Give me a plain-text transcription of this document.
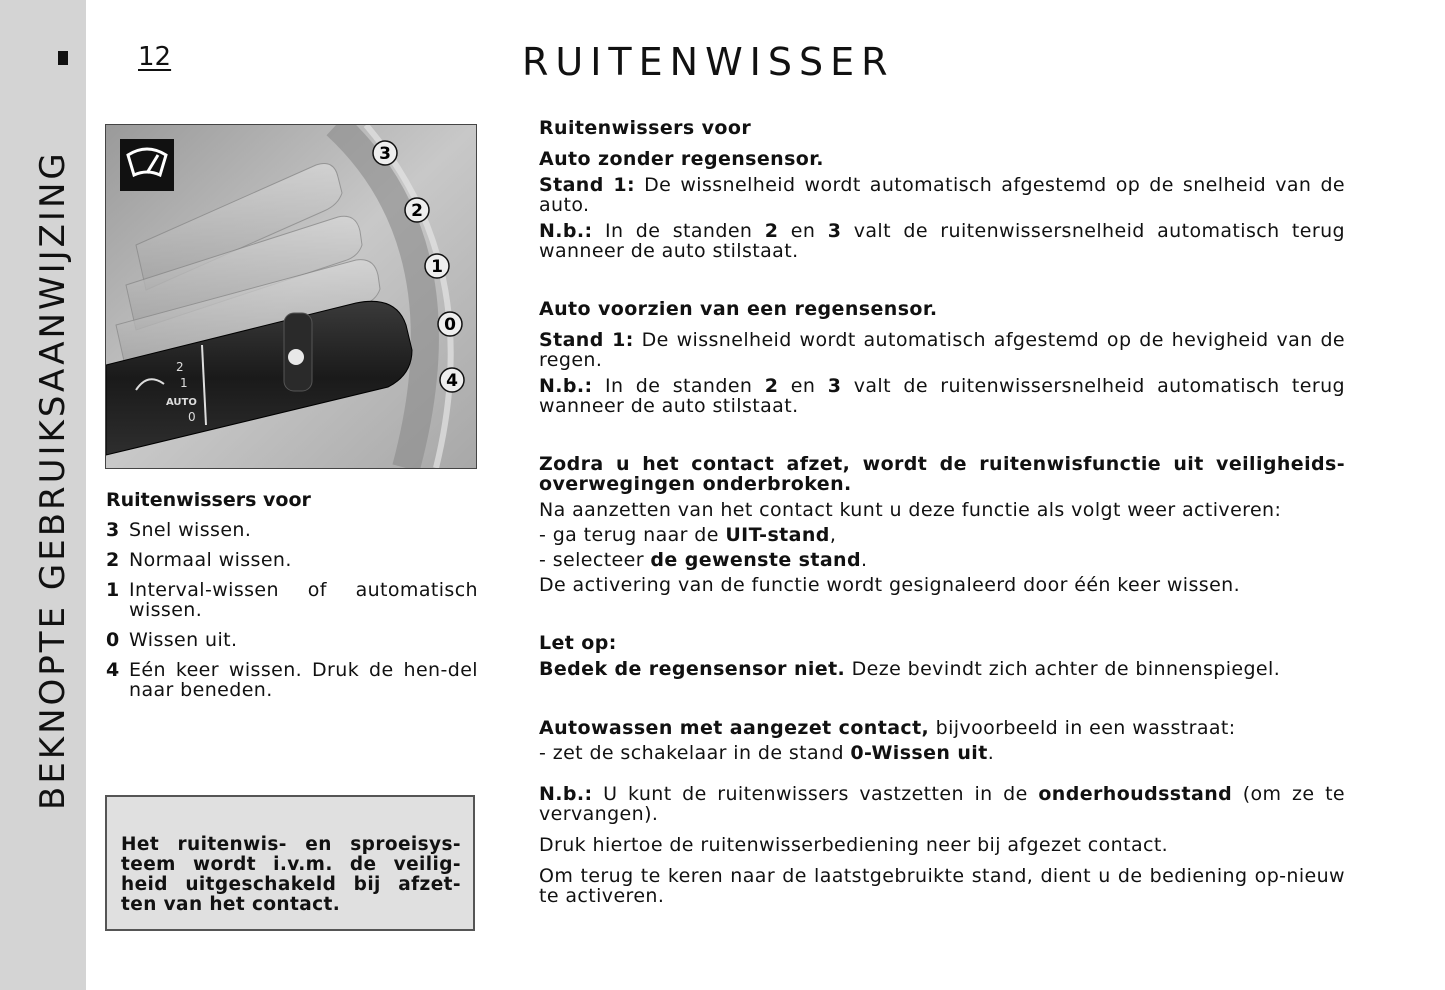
BEKNOPTE GEBRUIKSAANWIJZING
12	RUITENWISSER
AUTO
2
1
0
3
2
1
0
4
Ruitenwissers voor
3 Snel wissen.
2 Normaal wissen.
1 Interval-wissen of automatisch wissen.
0 Wissen uit.
4 Eén keer wissen. Druk de hen-del naar beneden.
Het ruitenwis- en sproeisys-teem wordt i.v.m. de veilig-heid uitgeschakeld bij afzet-ten van het contact.

Ruitenwissers voor

Auto zonder regensensor.

Stand 1: De wissnelheid wordt automatisch afgestemd op de snelheid van de auto.

N.b.: In de standen 2 en 3 valt de ruitenwissersnelheid automatisch terug wanneer de auto stilstaat.

Auto voorzien van een regensensor.

Stand 1: De wissnelheid wordt automatisch afgestemd op de hevigheid van de regen.

N.b.: In de standen 2 en 3 valt de ruitenwissersnelheid automatisch terug wanneer de auto stilstaat.

Zodra u het contact afzet, wordt de ruitenwisfunctie uit veiligheids-overwegingen onderbroken.

Na aanzetten van het contact kunt u deze functie als volgt weer activeren:

- ga terug naar de UIT-stand,

- selecteer de gewenste stand.

De activering van de functie wordt gesignaleerd door één keer wissen.

Let op:

Bedek de regensensor niet. Deze bevindt zich achter de binnenspiegel.

Autowassen met aangezet contact, bijvoorbeeld in een wasstraat:

- zet de schakelaar in de stand 0-Wissen uit.

N.b.: U kunt de ruitenwissers vastzetten in de onderhoudsstand (om ze te vervangen).

Druk hiertoe de ruitenwisserbediening neer bij afgezet contact.

Om terug te keren naar de laatstgebruikte stand, dient u de bediening op-nieuw te activeren.
